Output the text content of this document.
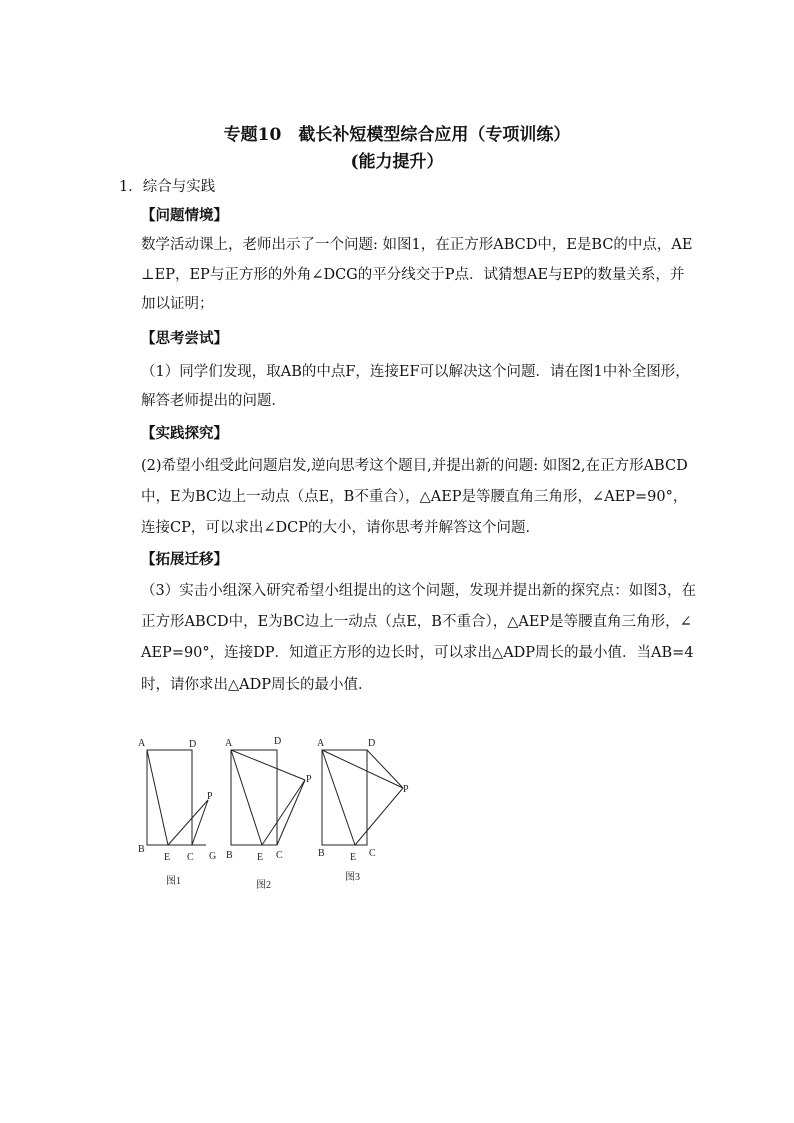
专题10　截长补短模型综合应用（专项训练）
(能力提升）
1．综合与实践
【问题情境】
数学活动课上，老师出示了一个问题: 如图1，在正方形ABCD中，E是BC的中点，AE
⊥EP，EP与正方形的外角∠DCG的平分线交于P点．试猜想AE与EP的数量关系，并
加以证明；
【思考尝试】
（1）同学们发现，取AB的中点F，连接EF可以解决这个问题．请在图1中补全图形，
解答老师提出的问题．
【实践探究】
(2)希望小组受此问题启发,逆向思考这个题目,并提出新的问题: 如图2,在正方形ABCD
中，E为BC边上一动点（点E，B不重合），△AEP是等腰直角三角形，∠AEP=90°，
连接CP，可以求出∠DCP的大小，请你思考并解答这个问题．
【拓展迁移】
（3）实击小组深入研究希望小组提出的这个问题，发现并提出新的探究点：如图3，在
正方形ABCD中，E为BC边上一动点（点E，B不重合），△AEP是等腰直角三角形，∠
AEP=90°，连接DP．知道正方形的边长时，可以求出△ADP周长的最小值．当AB=4
时，请你求出△ADP周长的最小值．
A	D
B
E C G
P
图1
A	D
B E C
P
图2
A	D
B	E C
P
图3
